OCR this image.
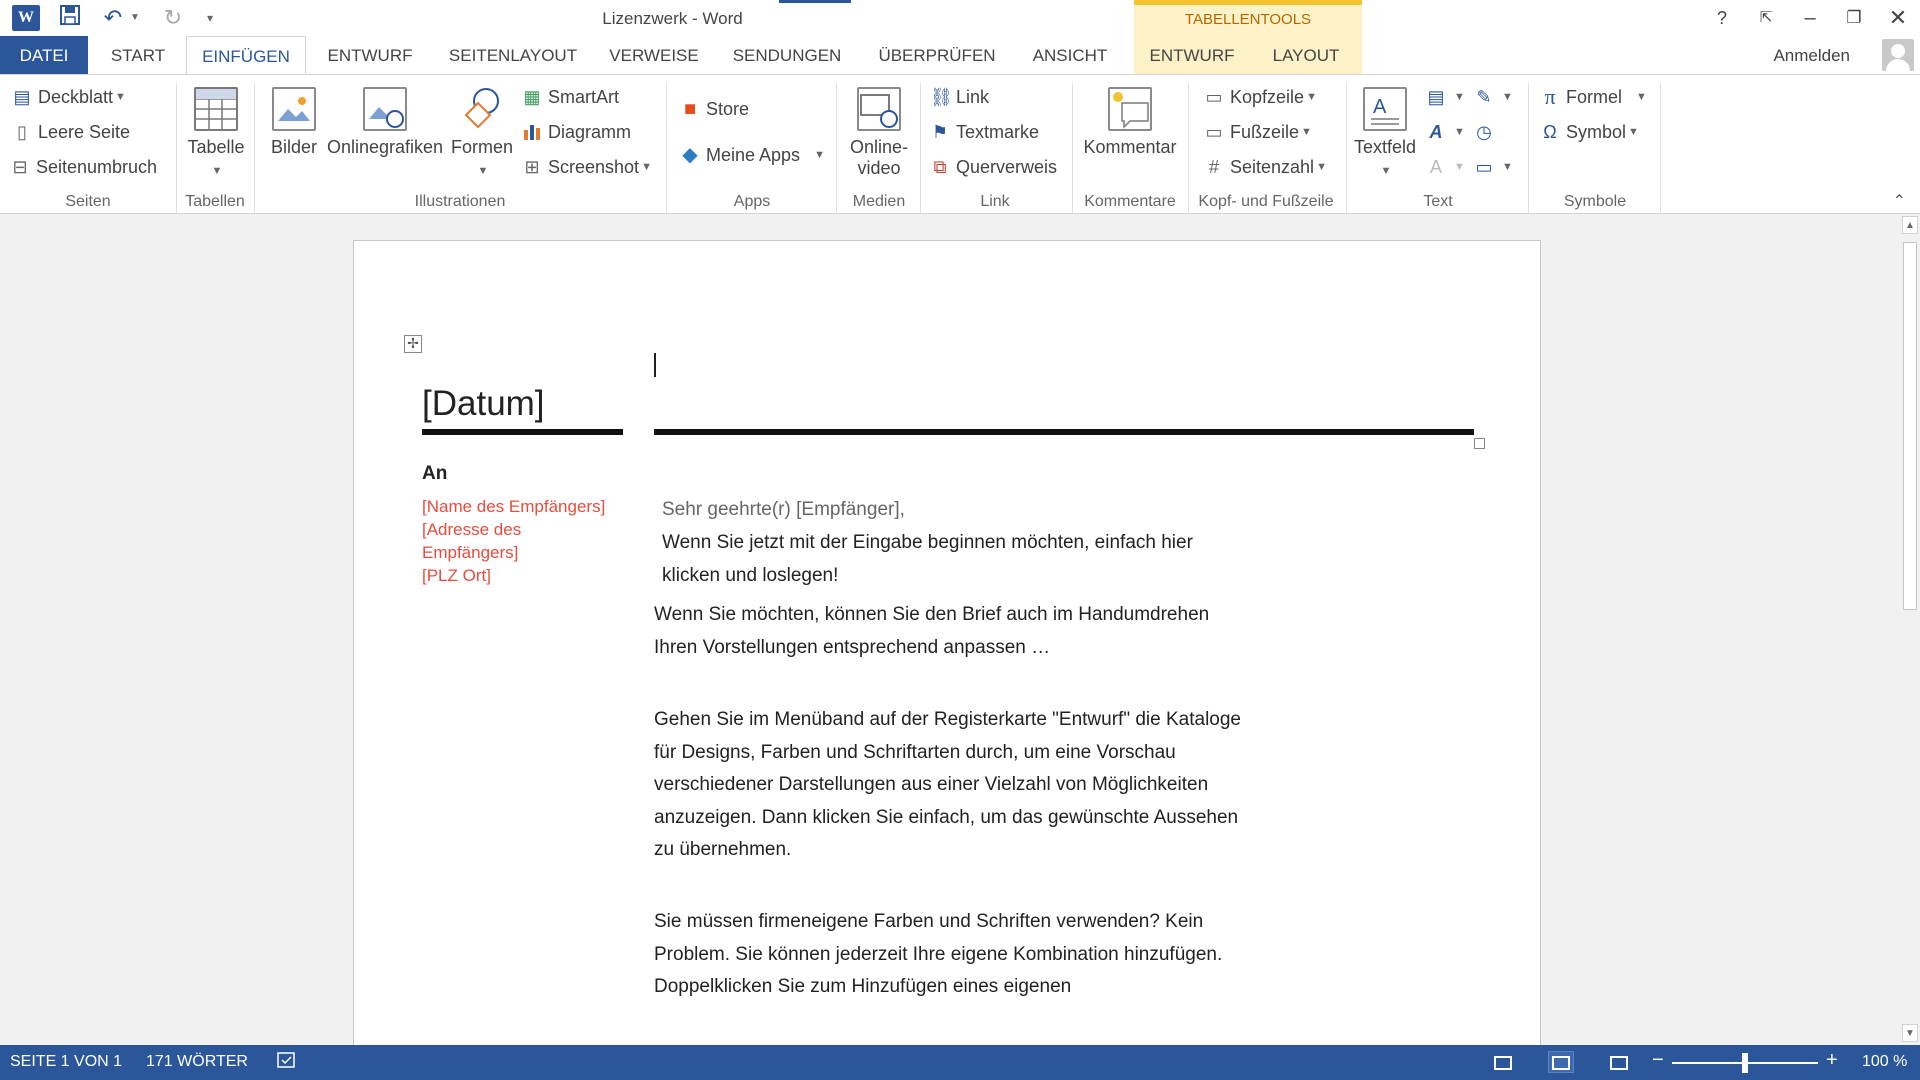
W	↶ ▼ ↻	▾	Lizenzwerk - Word	TABELLENTOOLS	?	⇱	–	❐	✕
DATEI	START	EINFÜGEN	ENTWURF	SEITENLAYOUT	VERWEISE	SENDUNGEN	ÜBERPRÜFEN	ANSICHT	ENTWURF	LAYOUT	Anmelden
▤ Deckblatt ▼
▯ Leere Seite
⊟ Seitenumbruch
Seiten
Tabelle
▼
Tabellen
Bilder Onlinegrafiken Formen
▼
▦ SmartArt
Diagramm
⊞ Screenshot ▼
Illustrationen
■ Store
◆ Meine Apps ▼
Apps
Online-
video
Medien
⛓ Link
⚑ Textmarke
⧉ Querverweis
Link
Kommentar
Kommentare
▭ Kopfzeile ▼
▭ Fußzeile ▼
# Seitenzahl ▼
Kopf- und Fußzeile
A
Textfeld
▼
▤ ▼
A	▼
A	▼
✎ ▼
◷
▭ ▼
Text
π Formel ▼
Ω Symbol ▼
Symbole	⌃
✢
[Datum]
An
[Name des Empfängers]
[Adresse des
Empfängers]
[PLZ Ort]
Sehr geehrte(r) [Empfänger],
Wenn Sie jetzt mit der Eingabe beginnen möchten, einfach hier klicken und loslegen!
Wenn Sie möchten, können Sie den Brief auch im Handumdrehen Ihren Vorstellungen entsprechend anpassen …
Gehen Sie im Menüband auf der Registerkarte "Entwurf" die Kataloge für Designs, Farben und Schriftarten durch, um eine Vorschau verschiedener Darstellungen aus einer Vielzahl von Möglichkeiten anzuzeigen. Dann klicken Sie einfach, um das gewünschte Aussehen zu übernehmen.
Sie müssen firmeneigene Farben und Schriften verwenden? Kein Problem. Sie können jederzeit Ihre eigene Kombination hinzufügen. Doppelklicken Sie zum Hinzufügen eines eigenen
▲
▼
SEITE 1 VON 1 171 WÖRTER	−	+ 100 %
